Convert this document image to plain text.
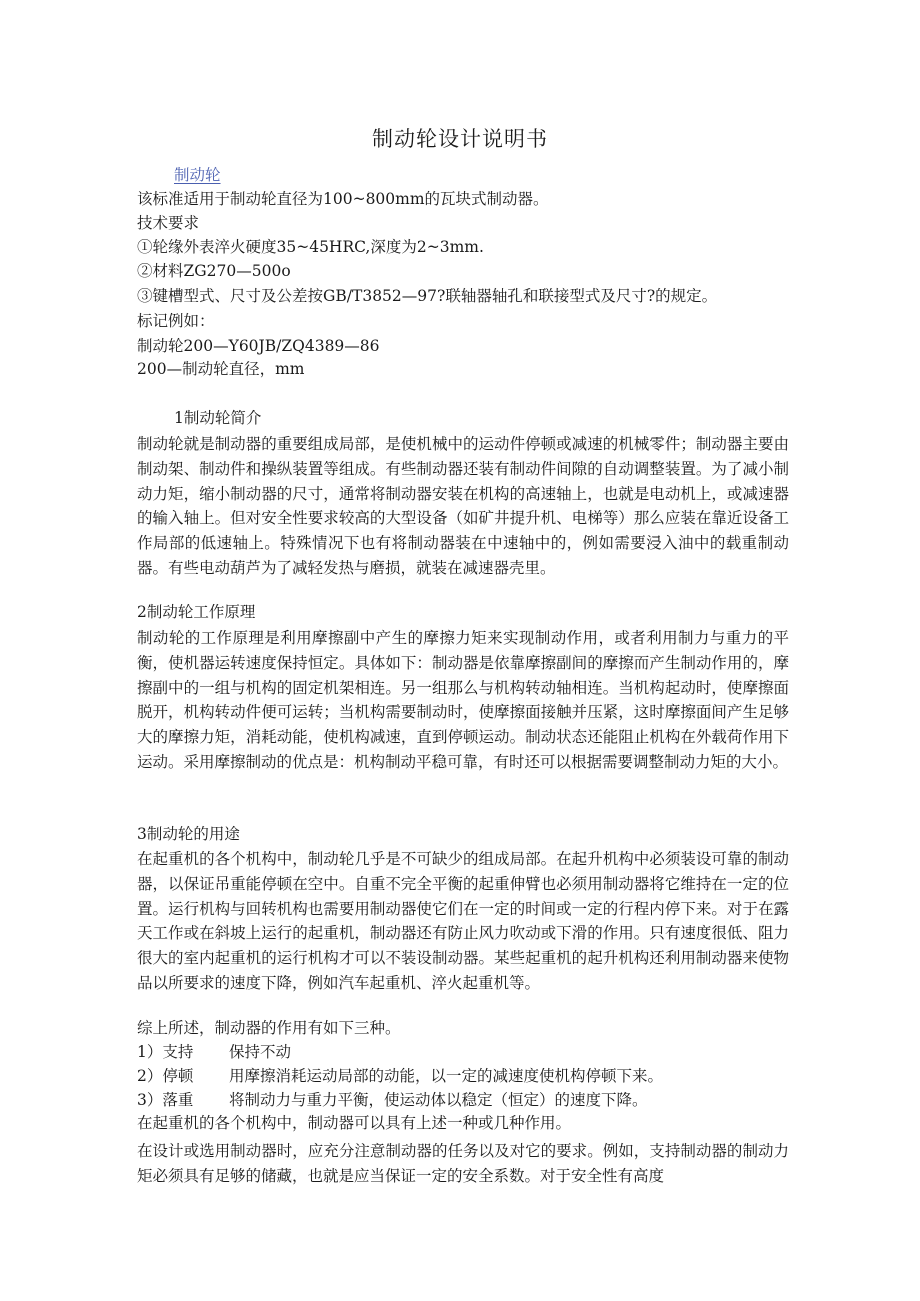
制动轮设计说明书
制动轮
该标准适用于制动轮直径为100~800mm的瓦块式制动器。
技术要求
①轮缘外表淬火硬度35~45HRC,深度为2~3mm.
②材料ZG270—500o
③键槽型式、尺寸及公差按GB/T3852—97?联轴器轴孔和联接型式及尺寸?的规定。
标记例如：
制动轮200—Y60JB/ZQ4389—86
200—制动轮直径，mm
1制动轮简介
制动轮就是制动器的重要组成局部，是使机械中的运动件停顿或减速的机械零件；制动器主要由制动架、制动件和操纵装置等组成。有些制动器还装有制动件间隙的自动调整装置。为了减小制动力矩，缩小制动器的尺寸，通常将制动器安装在机构的高速轴上，也就是电动机上，或减速器的输入轴上。但对安全性要求较高的大型设备（如矿井提升机、电梯等）那么应装在靠近设备工作局部的低速轴上。特殊情况下也有将制动器装在中速轴中的，例如需要浸入油中的载重制动器。有些电动葫芦为了减轻发热与磨损，就装在减速器壳里。
2制动轮工作原理
制动轮的工作原理是利用摩擦副中产生的摩擦力矩来实现制动作用，或者利用制力与重力的平衡，使机器运转速度保持恒定。具体如下：制动器是依靠摩擦副间的摩擦而产生制动作用的，摩擦副中的一组与机构的固定机架相连。另一组那么与机构转动轴相连。当机构起动时，使摩擦面脱开，机构转动件便可运转；当机构需要制动时，使摩擦面接触并压紧，这时摩擦面间产生足够大的摩擦力矩，消耗动能，使机构减速，直到停顿运动。制动状态还能阻止机构在外载荷作用下运动。采用摩擦制动的优点是：机构制动平稳可靠，有时还可以根据需要调整制动力矩的大小。
3制动轮的用途
在起重机的各个机构中，制动轮几乎是不可缺少的组成局部。在起升机构中必须装设可靠的制动器，以保证吊重能停顿在空中。自重不完全平衡的起重伸臂也必须用制动器将它维持在一定的位置。运行机构与回转机构也需要用制动器使它们在一定的时间或一定的行程内停下来。对于在露天工作或在斜坡上运行的起重机，制动器还有防止风力吹动或下滑的作用。只有速度很低、阻力很大的室内起重机的运行机构才可以不装设制动器。某些起重机的起升机构还利用制动器来使物品以所要求的速度下降，例如汽车起重机、淬火起重机等。
综上所述，制动器的作用有如下三种。
1）支持 保持不动
2）停顿 用摩擦消耗运动局部的动能，以一定的减速度使机构停顿下来。
3）落重 将制动力与重力平衡，使运动体以稳定（恒定）的速度下降。
在起重机的各个机构中，制动器可以具有上述一种或几种作用。
在设计或选用制动器时，应充分注意制动器的任务以及对它的要求。例如，支持制动器的制动力矩必须具有足够的储藏，也就是应当保证一定的安全系数。对于安全性有高度
